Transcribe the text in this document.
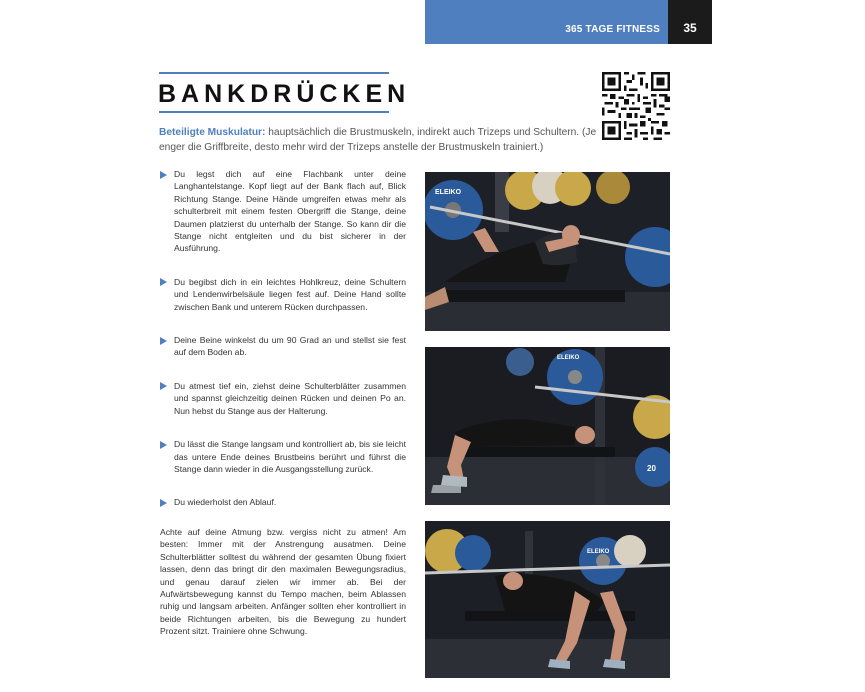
365 TAGE FITNESS	35
BANKDRÜCKEN

Beteiligte Muskulatur: hauptsächlich die Brustmuskeln, indirekt auch Trizeps und Schultern. (Je enger die Griffbreite, desto mehr wird der Trizeps anstelle der Brustmuskeln trainiert.)

Du legst dich auf eine Flachbank unter deine Langhantelstange. Kopf liegt auf der Bank flach auf, Blick Richtung Stange. Deine Hände umgreifen etwas mehr als schulterbreit mit einem festen Obergriff die Stange, deine Daumen platzierst du unterhalb der Stange. So kann dir die Stange nicht entgleiten und du bist sicherer in der Ausführung.
Du begibst dich in ein leichtes Hohlkreuz, deine Schultern und Lendenwirbelsäule liegen fest auf. Deine Hand sollte zwischen Bank und unterem Rücken durchpassen.
Deine Beine winkelst du um 90 Grad an und stellst sie fest auf dem Boden ab.
Du atmest tief ein, ziehst deine Schulterblätter zusammen und spannst gleichzeitig deinen Rücken und deinen Po an. Nun hebst du Stange aus der Halterung.
Du lässt die Stange langsam und kontrolliert ab, bis sie leicht das untere Ende deines Brustbeins berührt und führst die Stange dann wieder in die Ausgangsstellung zurück.
Du wiederholst den Ablauf.

Achte auf deine Atmung bzw. vergiss nicht zu atmen! Am besten: Immer mit der Anstrengung ausatmen. Deine Schulterblätter solltest du während der gesamten Übung fixiert lassen, denn das bringt dir den maximalen Bewegungsradius, und genau darauf zielen wir immer ab. Bei der Aufwärtsbewegung kannst du Tempo machen, beim Ablassen ruhig und langsam arbeiten. Anfänger sollten eher kontrolliert in beide Richtungen arbeiten, bis die Bewegung zu hundert Prozent sitzt. Trainiere ohne Schwung.

ELEIKO
ELEIKO
20
ELEIKO
